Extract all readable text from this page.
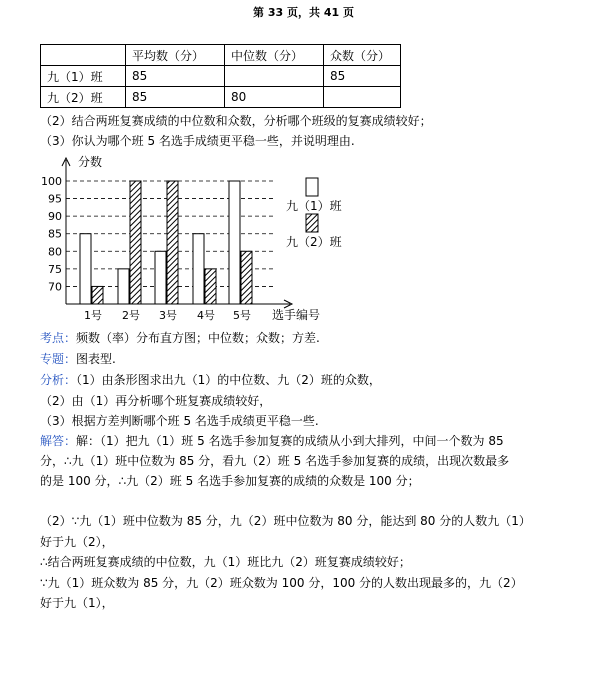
第 33 页，共 41 页
	平均数（分）	中位数（分）	众数（分）
九（1）班	85		85
九（2）班	85	80	
（2）结合两班复赛成绩的中位数和众数，分析哪个班级的复赛成绩较好；
（3）你认为哪个班 5 名选手成绩更平稳一些，并说明理由.
分数
选手编号
70
75
80
85
90
95
100
1号 2号 3号 4号 5号
九（1）班
九（2）班
考点：频数（率）分布直方图；中位数；众数；方差.
专题：图表型.
分析：（1）由条形图求出九（1）的中位数、九（2）班的众数，
（2）由（1）再分析哪个班复赛成绩较好，
（3）根据方差判断哪个班 5 名选手成绩更平稳一些.
解答：解：（1）把九（1）班 5 名选手参加复赛的成绩从小到大排列，中间一个数为 85
分，∴九（1）班中位数为 85 分，看九（2）班 5 名选手参加复赛的成绩，出现次数最多
的是 100 分，∴九（2）班 5 名选手参加复赛的成绩的众数是 100 分；
（2）∵九（1）班中位数为 85 分，九（2）班中位数为 80 分，能达到 80 分的人数九（1）
好于九（2），
∴结合两班复赛成绩的中位数，九（1）班比九（2）班复赛成绩较好；
∵九（1）班众数为 85 分，九（2）班众数为 100 分，100 分的人数出现最多的，九（2）
好于九（1），
